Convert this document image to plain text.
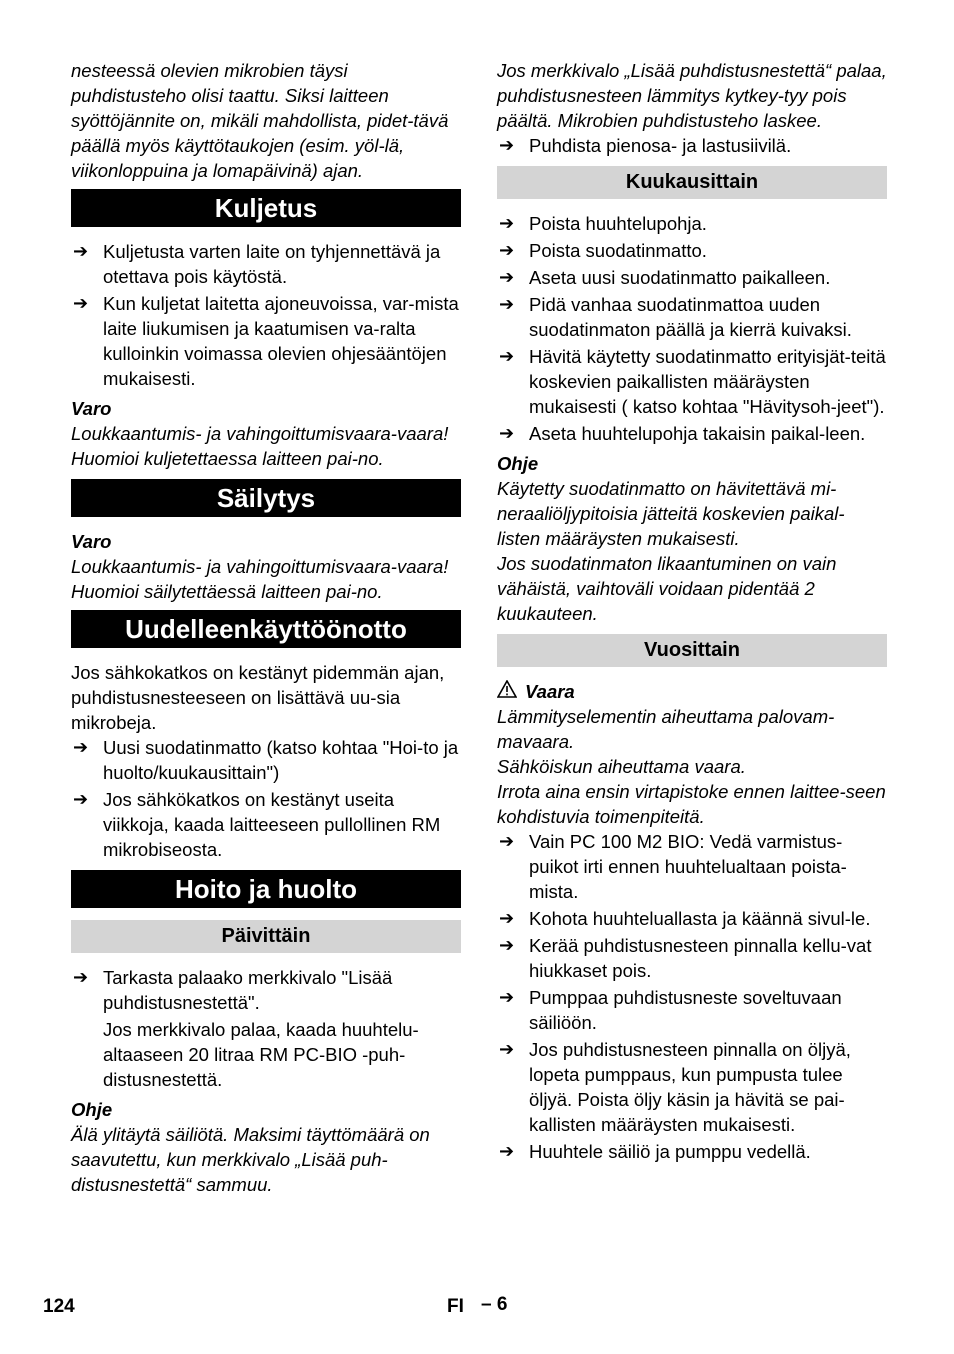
nesteessä olevien mikrobien täysi puhdistusteho olisi taattu. Siksi laitteen syöttöjännite on, mikäli mahdollista, pidet-tävä päällä myös käyttötaukojen (esim. yöl-lä, viikonloppuina ja lomapäivinä) ajan.

Kuljetus
➔ Kuljetusta varten laite on tyhjennettävä ja otettava pois käytöstä.
➔ Kun kuljetat laitetta ajoneuvoissa, var-mista laite liukumisen ja kaatumisen va-ralta kulloinkin voimassa olevien ohjesääntöjen mukaisesti.
Varo

Loukkaantumis- ja vahingoittumisvaara-vaara! Huomioi kuljetettaessa laitteen pai-no.

Säilytys
Varo

Loukkaantumis- ja vahingoittumisvaara-vaara! Huomioi säilytettäessä laitteen pai-no.

Uudelleenkäyttöönotto

Jos sähkokatkos on kestänyt pidemmän ajan, puhdistusnesteeseen on lisättävä uu-sia mikrobeja.

➔ Uusi suodatinmatto (katso kohtaa "Hoi-to ja huolto/kuukausittain")
➔ Jos sähkökatkos on kestänyt useita viikkoja, kaada laitteeseen pullollinen RM mikrobiseosta.
Hoito ja huolto
Päivittäin
➔ Tarkasta palaako merkkivalo "Lisää puhdistusnestettä".

Jos merkkivalo palaa, kaada huuhtelu-altaaseen 20 litraa RM PC-BIO -puh-distusnestettä.

Ohje

Älä ylitäytä säiliötä. Maksimi täyttömäärä on saavutettu, kun merkkivalo „Lisää puh-distusnestettä“ sammuu.

Jos merkkivalo „Lisää puhdistusnestettä“ palaa, puhdistusnesteen lämmitys kytkey-tyy pois päältä. Mikrobien puhdistusteho laskee.

➔ Puhdista pienosa- ja lastusiivilä.
Kuukausittain
➔ Poista huuhtelupohja.
➔ Poista suodatinmatto.
➔ Aseta uusi suodatinmatto paikalleen.
➔ Pidä vanhaa suodatinmattoa uuden suodatinmaton päällä ja kierrä kuivaksi.
➔ Hävitä käytetty suodatinmatto erityisjät-teitä koskevien paikallisten määräysten mukaisesti ( katso kohtaa "Hävitysoh-jeet").
➔ Aseta huuhtelupohja takaisin paikal-leen.
Ohje

Käytetty suodatinmatto on hävitettävä mi-neraaliöljypitoisia jätteitä koskevien paikal-listen määräysten mukaisesti.

Jos suodatinmaton likaantuminen on vain vähäistä, vaihtoväli voidaan pidentää 2 kuukauteen.

Vuosittain
Vaara

Lämmityselementin aiheuttama palovam-mavaara.

Sähköiskun aiheuttama vaara.

Irrota aina ensin virtapistoke ennen laitteе-seen kohdistuvia toimenpiteitä.

➔ Vain PC 100 M2 BIO: Vedä varmistus-puikot irti ennen huuhtelualtaan poista-mista.
➔ Kohota huuhteluallasta ja käännä sivul-le.
➔ Kerää puhdistusnesteen pinnalla kellu-vat hiukkaset pois.
➔ Pumppaa puhdistusneste soveltuvaan säiliöön.
➔ Jos puhdistusnesteen pinnalla on öljyä, lopeta pumppaus, kun pumpusta tulee öljyä. Poista öljy käsin ja hävitä se pai-kallisten määräysten mukaisesti.
➔ Huuhtele säiliö ja pumppu vedellä.
124	FI – 6
